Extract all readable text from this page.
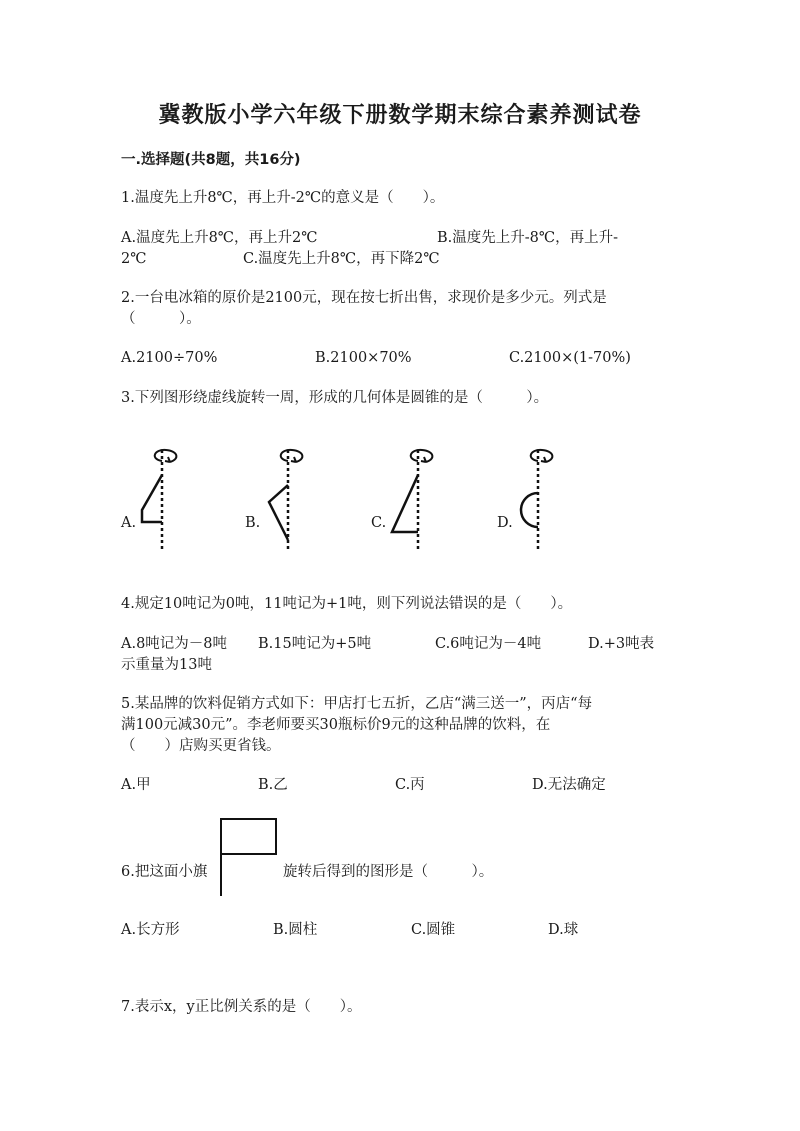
冀教版小学六年级下册数学期末综合素养测试卷
一.选择题(共8题，共16分)
1.温度先上升8℃，再上升-2℃的意义是（　　）。
A.温度先上升8℃，再上升2℃	B.温度先上升-8℃，再上升-
2℃	C.温度先上升8℃，再下降2℃
2.一台电冰箱的原价是2100元，现在按七折出售，求现价是多少元。列式是
（　　　）。
A.2100÷70%	B.2100×70%	C.2100×(1-70%)
3.下列图形绕虚线旋转一周，形成的几何体是圆锥的是（　　　）。
A.	B.	C.	D.
4.规定10吨记为0吨，11吨记为+1吨，则下列说法错误的是（　　）。
A.8吨记为－8吨 B.15吨记为+5吨	C.6吨记为－4吨	D.+3吨表
示重量为13吨
5.某品牌的饮料促销方式如下：甲店打七五折，乙店“满三送一”，丙店“每
满100元减30元”。李老师要买30瓶标价9元的这种品牌的饮料，在
（　　）店购买更省钱。
A.甲	B.乙	C.丙	D.无法确定
6.把这面小旗	旋转后得到的图形是（　　　）。
A.长方形	B.圆柱	C.圆锥	D.球
7.表示x，y正比例关系的是（　　）。
